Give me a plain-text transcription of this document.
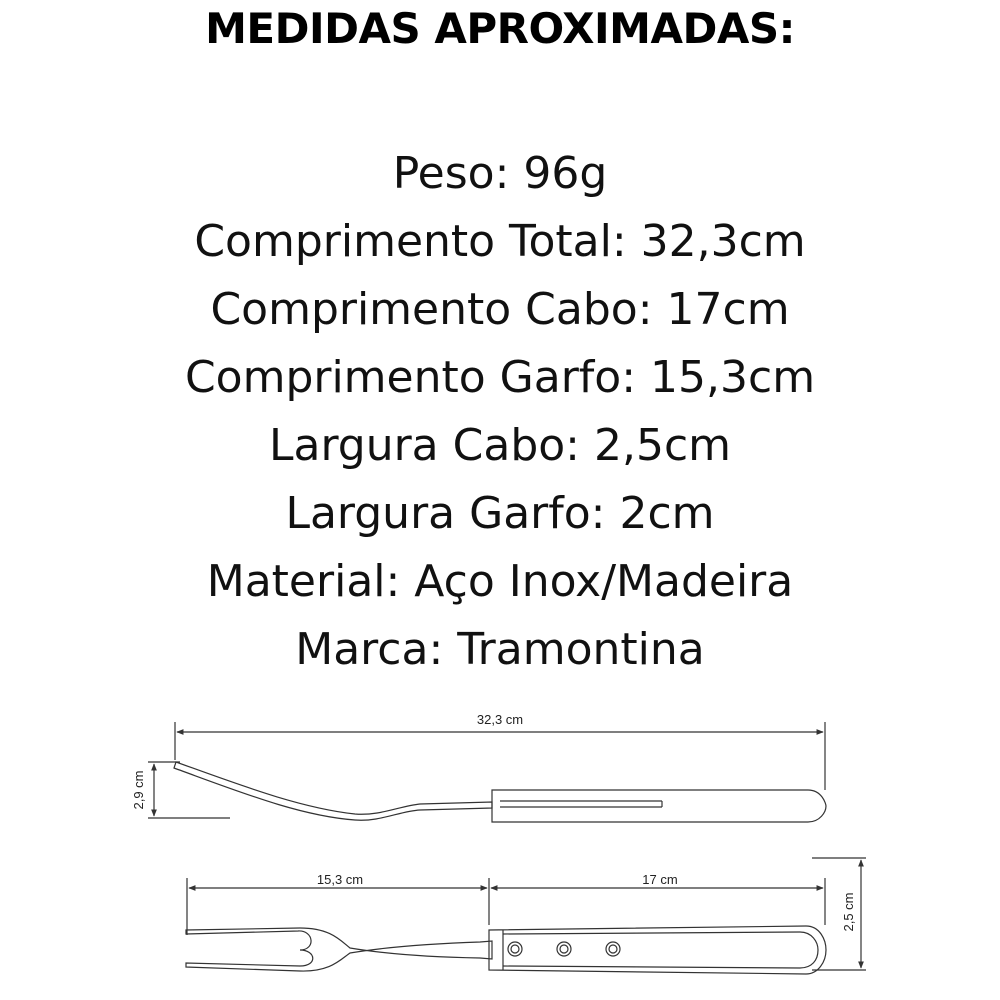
MEDIDAS APROXIMADAS:
Peso: 96g
Comprimento Total: 32,3cm
Comprimento Cabo: 17cm
Comprimento Garfo: 15,3cm
Largura Cabo: 2,5cm
Largura Garfo: 2cm
Material: Aço Inox/Madeira
Marca: Tramontina
32,3 cm
2,9 cm
15,3 cm	17 cm
2,5 cm
